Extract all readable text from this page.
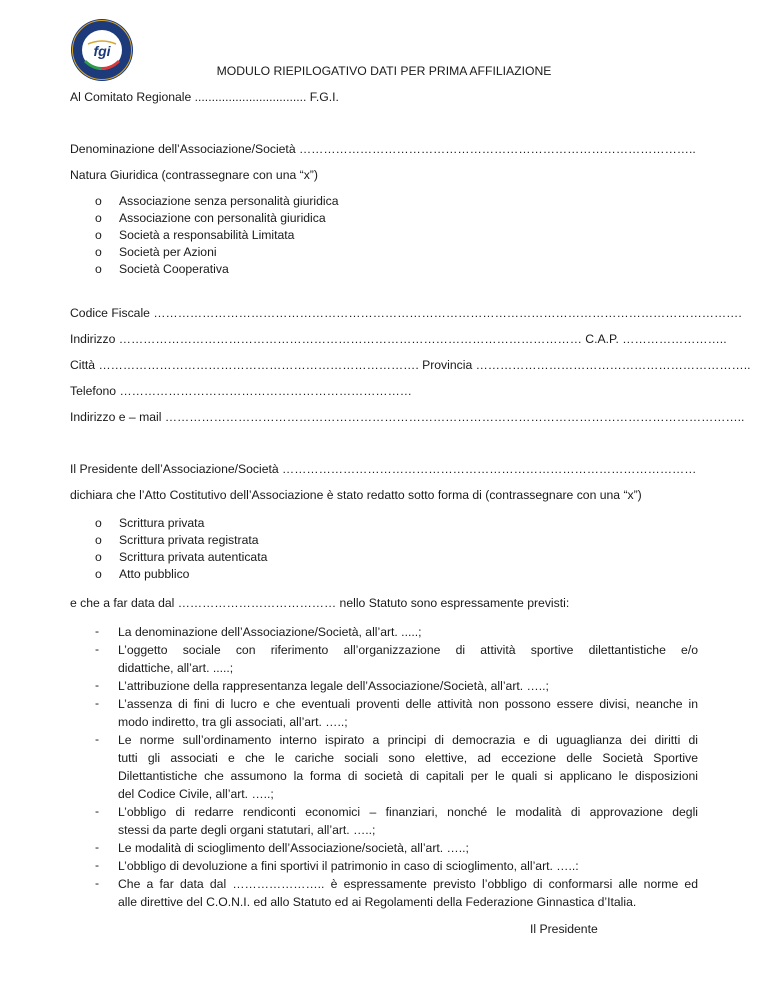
fgi
MODULO RIEPILOGATIVO DATI PER PRIMA AFFILIAZIONE
Al Comitato Regionale ................................. F.G.I.
Denominazione dell’Associazione/Società ……………………………………………………………………………………..
Natura Giuridica (contrassegnare con una “x”)
o Associazione senza personalità giuridica
o Associazione con personalità giuridica
o Società a responsabilità Limitata
o Società per Azioni
o Società Cooperativa
Codice Fiscale ……………………………………………………………………………………………………………………………….
Indirizzo …………………………………………………………………………………………………… C.A.P. ……………………..
Città ……………………………………………………………………. Provincia …………………………………………………………..
Telefono ………………………………………………………………
Indirizzo e – mail ……………………………………………………………………………………………………………………………..
Il Presidente dell’Associazione/Società …………………………………………………………………………………………
dichiara che l’Atto Costitutivo dell’Associazione è stato redatto sotto forma di (contrassegnare con una “x”)
o Scrittura privata
o Scrittura privata registrata
o Scrittura privata autenticata
o Atto pubblico
e che a far data dal ………………………………… nello Statuto sono espressamente previsti:
- La denominazione dell’Associazione/Società, all’art. .....;
- L’oggetto sociale con riferimento all’organizzazione di attività sportive dilettantistiche e/o
didattiche, all’art. .....;
- L’attribuzione della rappresentanza legale dell’Associazione/Società, all’art. …..;
- L’assenza di fini di lucro e che eventuali proventi delle attività non possono essere divisi, neanche in
modo indiretto, tra gli associati, all’art. …..;
- Le norme sull’ordinamento interno ispirato a principi di democrazia e di uguaglianza dei diritti di
tutti gli associati e che le cariche sociali sono elettive, ad eccezione delle Società Sportive
Dilettantistiche che assumono la forma di società di capitali per le quali si applicano le disposizioni
del Codice Civile, all’art. …..;
- L’obbligo di redarre rendiconti economici – finanziari, nonché le modalità di approvazione degli
stessi da parte degli organi statutari, all’art. …..;
- Le modalità di scioglimento dell’Associazione/società, all’art. …..;
- L’obbligo di devoluzione a fini sportivi il patrimonio in caso di scioglimento, all’art. …..:
- Che a far data dal ………………….. è espressamente previsto l’obbligo di conformarsi alle norme ed
alle direttive del C.O.N.I. ed allo Statuto ed ai Regolamenti della Federazione Ginnastica d’Italia.
Il Presidente
